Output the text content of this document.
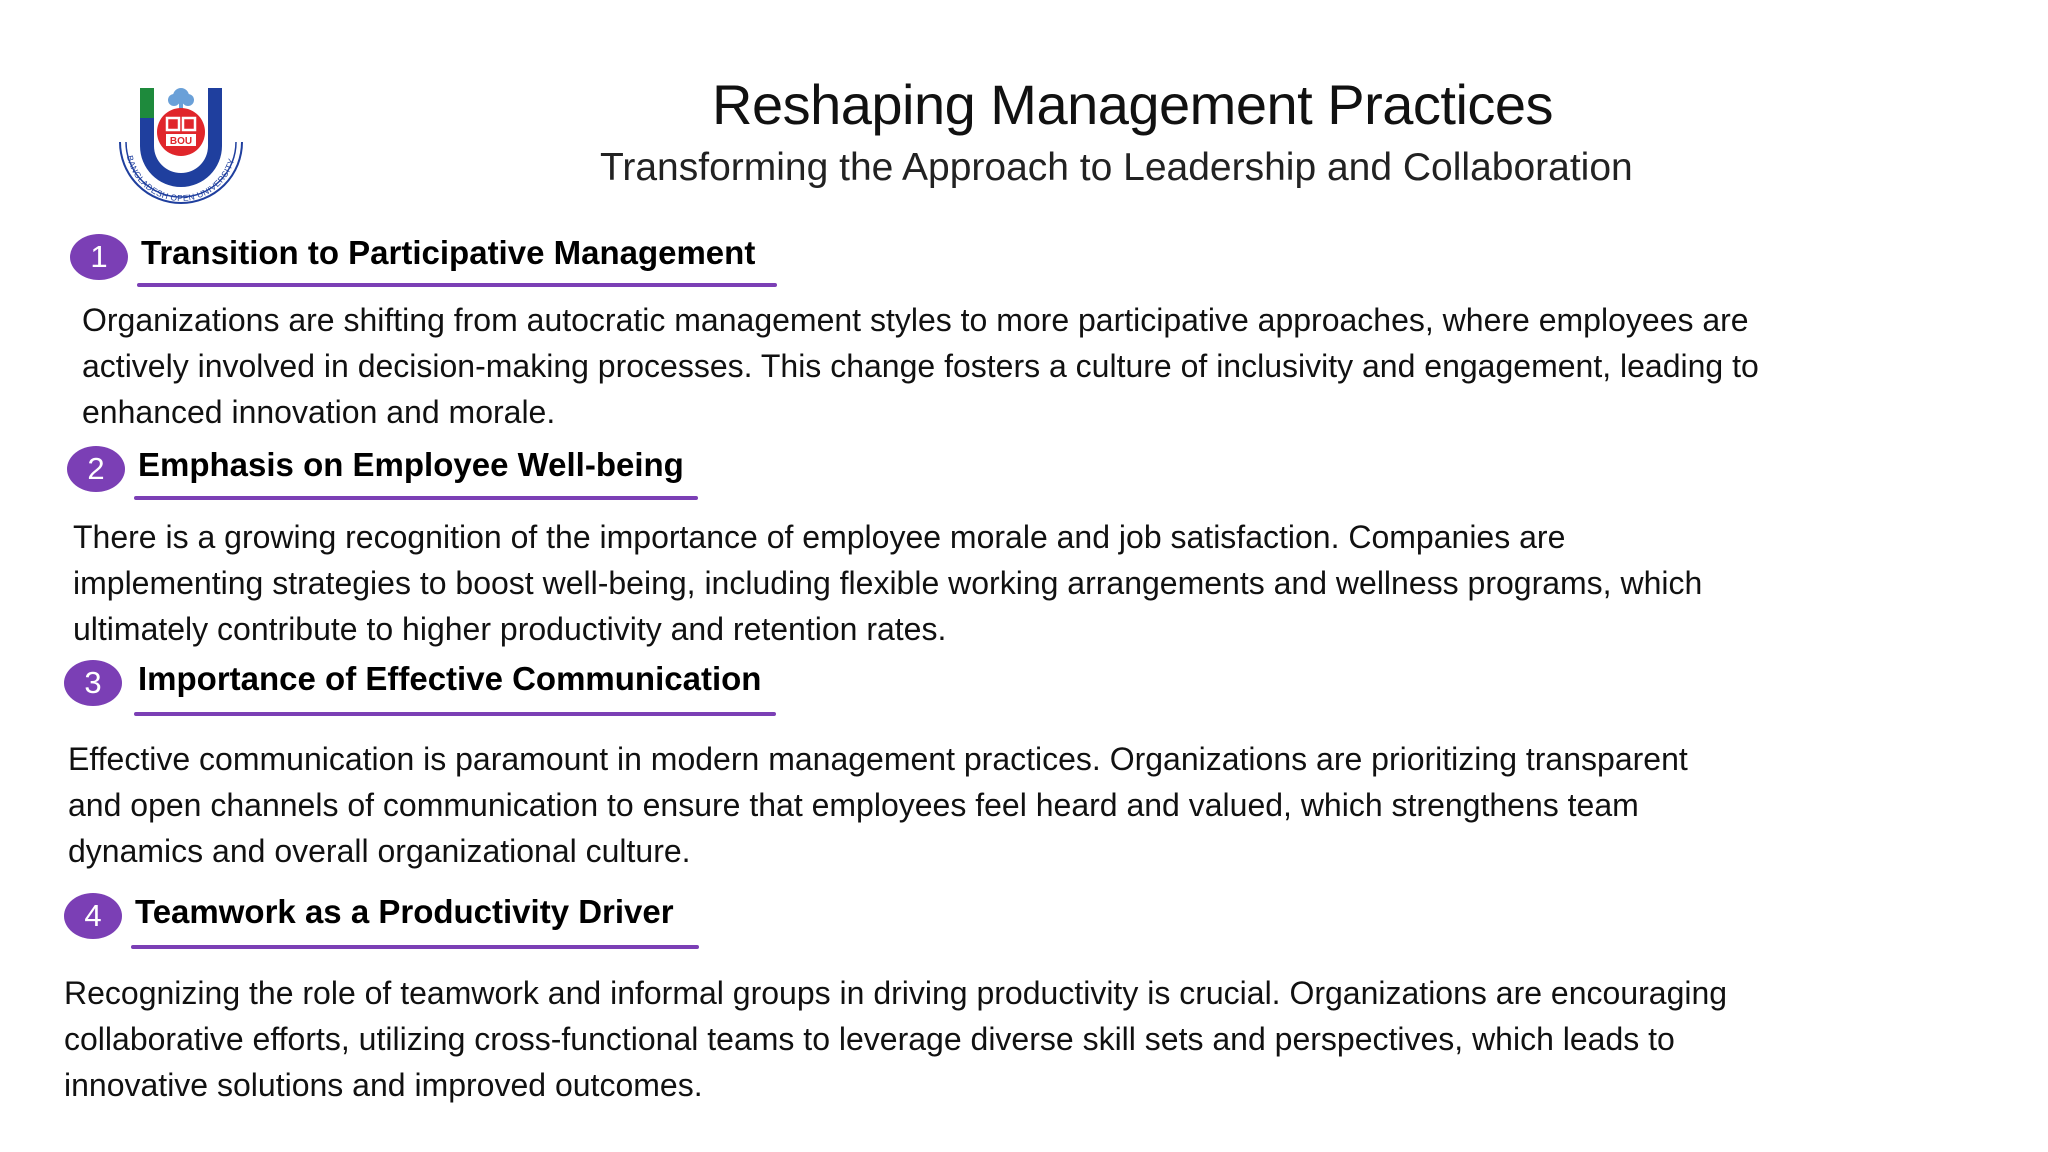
BANGLADESH OPEN UNIVERSITY
BOU
Reshaping Management Practices
Transforming the Approach to Leadership and Collaboration
1	Transition to Participative Management

Organizations are shifting from autocratic management styles to more participative approaches, where employees are
actively involved in decision-making processes. This change fosters a culture of inclusivity and engagement, leading to
enhanced innovation and morale.

2	Emphasis on Employee Well-being

There is a growing recognition of the importance of employee morale and job satisfaction. Companies are
implementing strategies to boost well-being, including flexible working arrangements and wellness programs, which
ultimately contribute to higher productivity and retention rates.

3	Importance of Effective Communication

Effective communication is paramount in modern management practices. Organizations are prioritizing transparent
and open channels of communication to ensure that employees feel heard and valued, which strengthens team
dynamics and overall organizational culture.

4	Teamwork as a Productivity Driver

Recognizing the role of teamwork and informal groups in driving productivity is crucial. Organizations are encouraging
collaborative efforts, utilizing cross-functional teams to leverage diverse skill sets and perspectives, which leads to
innovative solutions and improved outcomes.
